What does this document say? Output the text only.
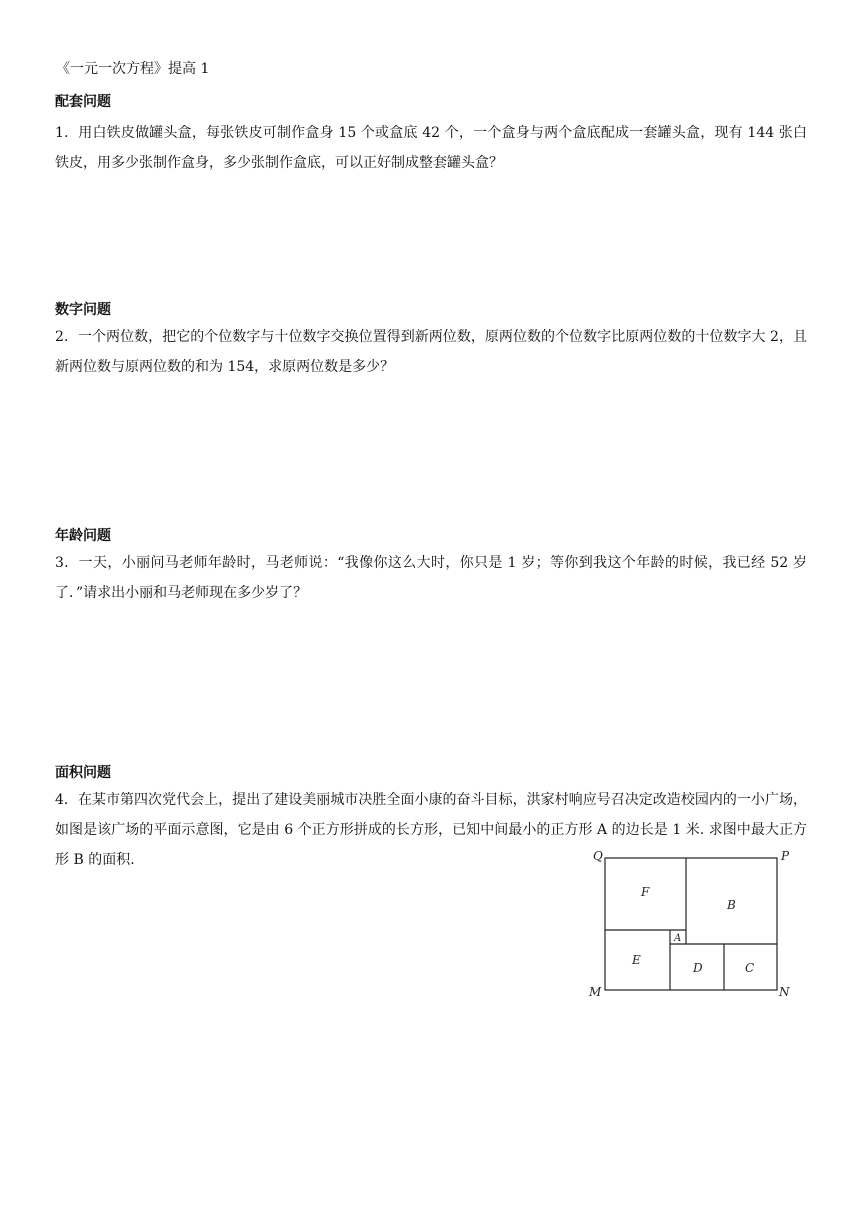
《一元一次方程》提高 1
配套问题
1．用白铁皮做罐头盒，每张铁皮可制作盒身 15 个或盒底 42 个，一个盒身与两个盒底配成一套罐头盒，现有 144 张白铁皮，用多少张制作盒身，多少张制作盒底，可以正好制成整套罐头盒？
数字问题
2．一个两位数，把它的个位数字与十位数字交换位置得到新两位数，原两位数的个位数字比原两位数的十位数字大 2，且新两位数与原两位数的和为 154，求原两位数是多少？
年龄问题
3．一天，小丽问马老师年龄时，马老师说：“我像你这么大时，你只是 1 岁；等你到我这个年龄的时候，我已经 52 岁了．”请求出小丽和马老师现在多少岁了？
面积问题
4．在某市第四次党代会上，提出了建设美丽城市决胜全面小康的奋斗目标，洪家村响应号召决定改造校园内的一小广场，如图是该广场的平面示意图，它是由 6 个正方形拼成的长方形，已知中间最小的正方形 A 的边长是 1 米. 求图中最大正方形 B 的面积.	Q	P
M	N
F
B
A
E
D	C
